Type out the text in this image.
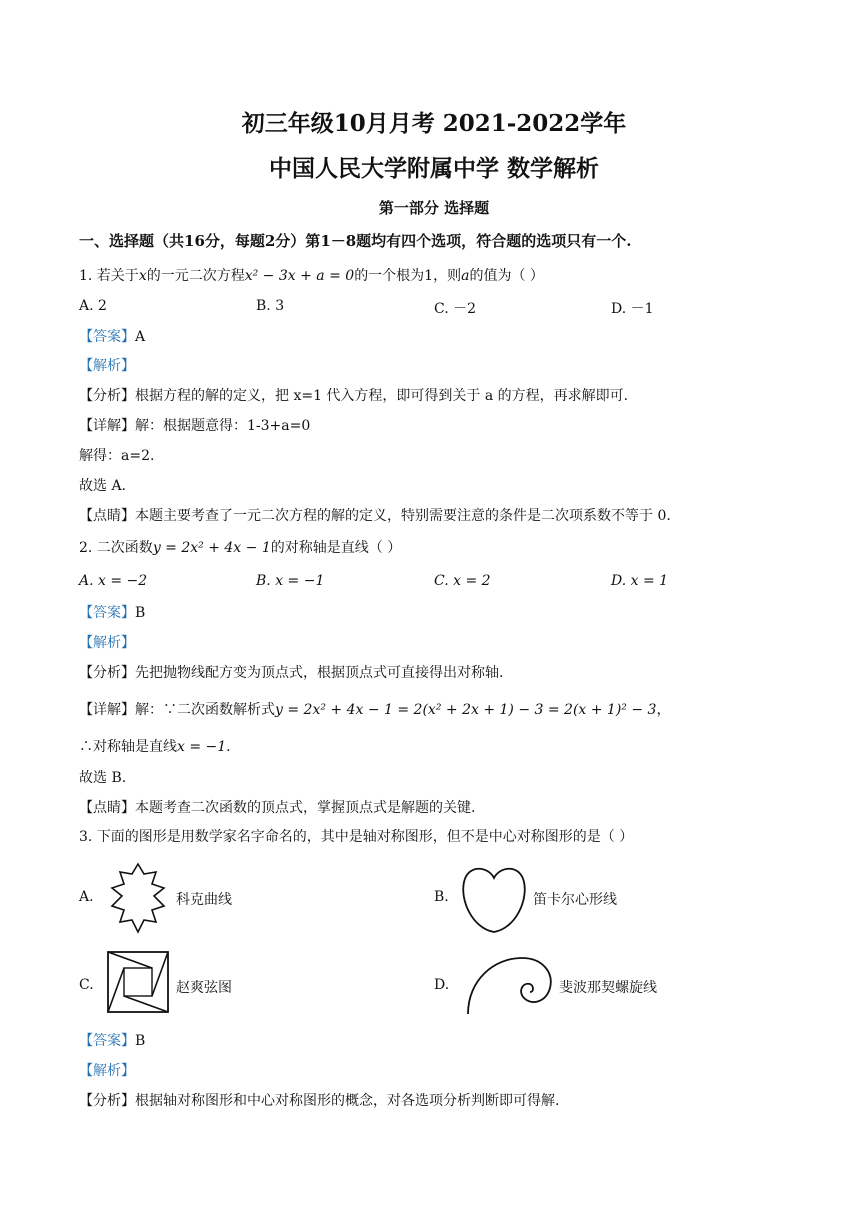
初三年级10月月考 2021-2022学年
中国人民大学附属中学 数学解析
第一部分 选择题
一、选择题（共16分，每题2分）第1－8题均有四个选项，符合题的选项只有一个.
1. 若关于x的一元二次方程x² − 3x + a = 0的一个根为1，则a的值为（ ）
A. 2	B. 3	C. －2	D. －1
【答案】A
【解析】
【分析】根据方程的解的定义，把 x=1 代入方程，即可得到关于 a 的方程，再求解即可.
【详解】解：根据题意得：1-3+a=0
解得：a=2.
故选 A.
【点睛】本题主要考查了一元二次方程的解的定义，特别需要注意的条件是二次项系数不等于 0.
2. 二次函数y = 2x² + 4x − 1的对称轴是直线（ ）
A. x = −2	B. x = −1	C. x = 2	D. x = 1
【答案】B
【解析】
【分析】先把抛物线配方变为顶点式，根据顶点式可直接得出对称轴.
【详解】解：∵二次函数解析式y = 2x² + 4x − 1 = 2(x² + 2x + 1) − 3 = 2(x + 1)² − 3，
∴对称轴是直线x = −1.
故选 B.
【点睛】本题考查二次函数的顶点式，掌握顶点式是解题的关键.
3. 下面的图形是用数学家名字命名的，其中是轴对称图形，但不是中心对称图形的是（ ）
A.	科克曲线	B.	笛卡尔心形线
C.	赵爽弦图	D.	斐波那契螺旋线
【答案】B
【解析】
【分析】根据轴对称图形和中心对称图形的概念，对各选项分析判断即可得解.
